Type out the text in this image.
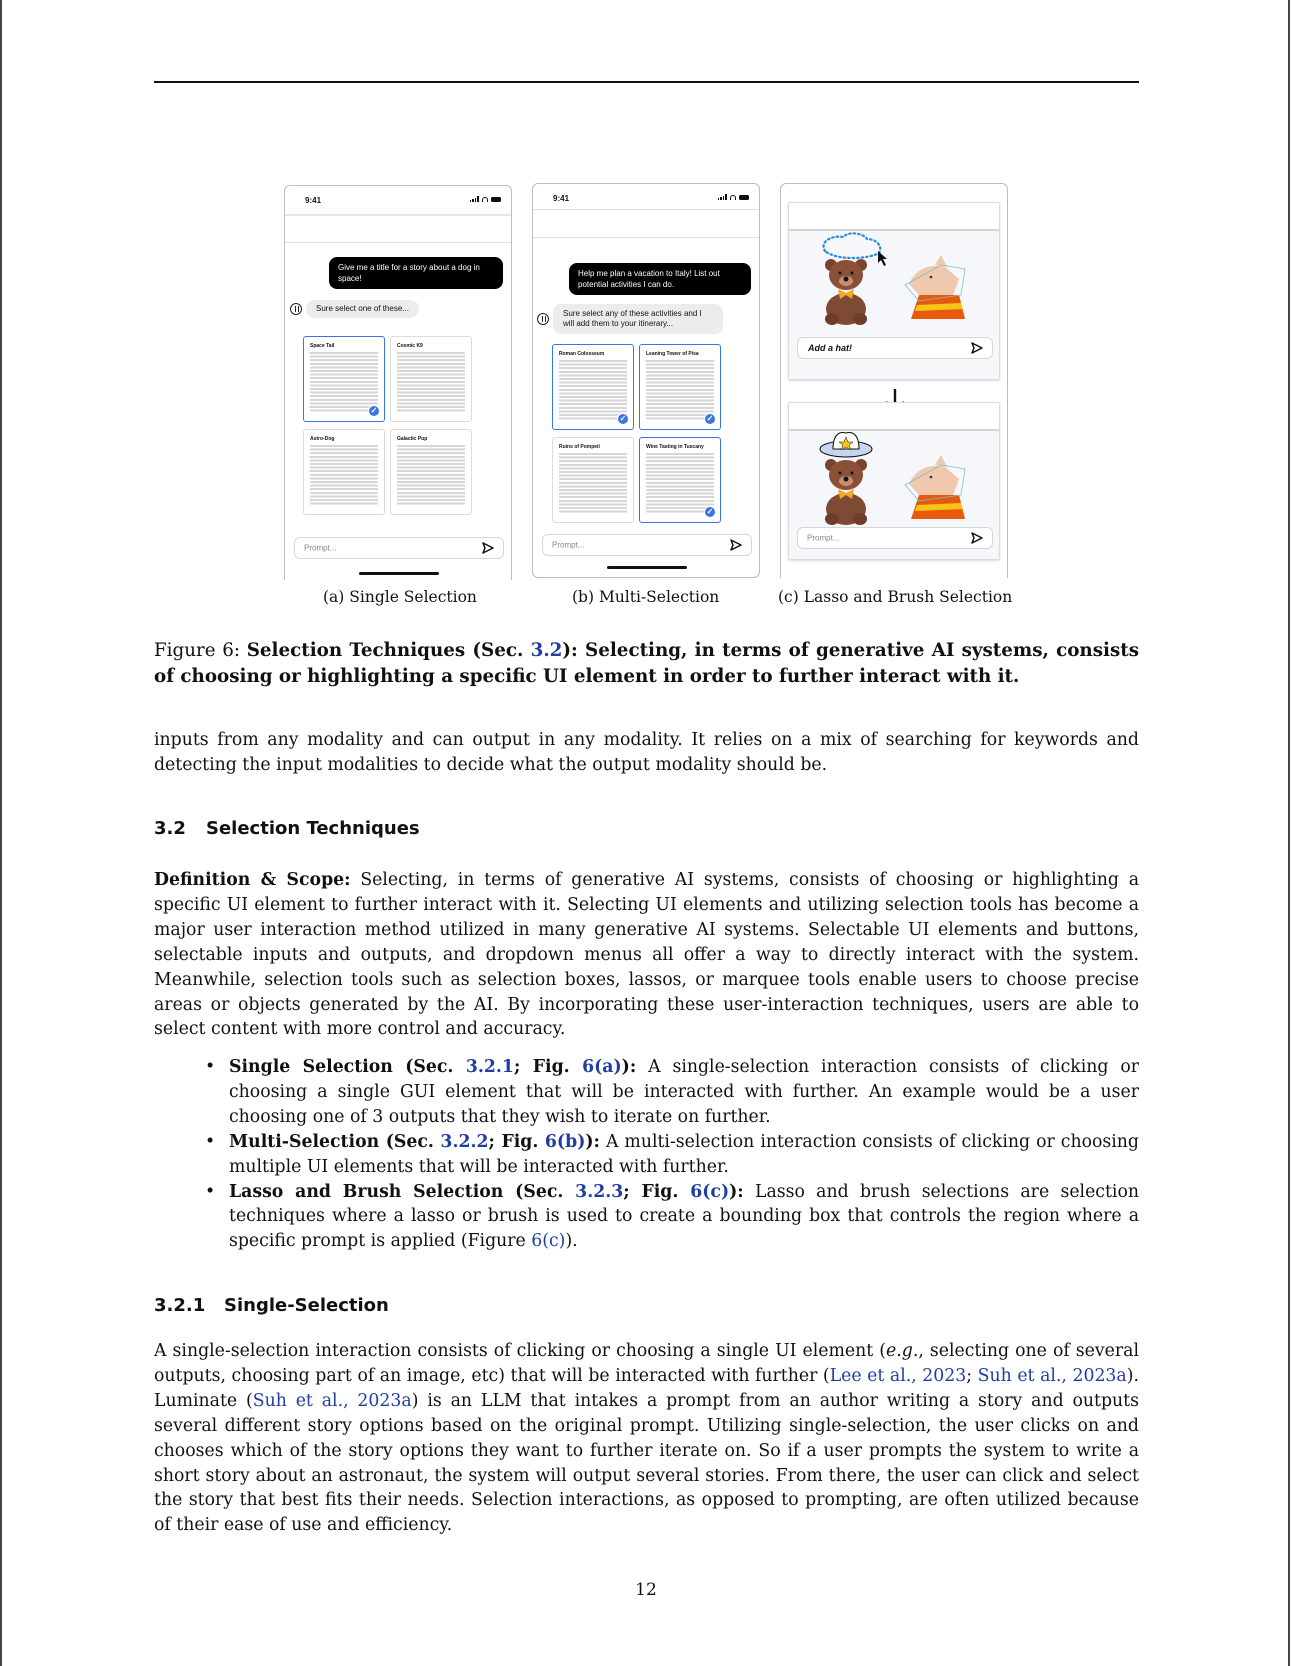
9:41
Give me a title for a story about a dog in space!
Sure select one of these...
Space Tail
✓
Cosmic K9
Astro-Dog	Galactic Pup
Prompt...
9:41
Help me plan a vacation to Italy! List out potential activities I can do.
Sure select any of these activities and I will add them to your itinerary...
Roman Colosseum
✓
Leaning Tower of Pisa
✓
Ruins of Pompeii	Wine Tasting in Tuscany
✓
Prompt...
Add a hat!
Prompt...
(a) Single Selection	(b) Multi-Selection	(c) Lasso and Brush Selection
Figure 6: Selection Techniques (Sec. 3.2): Selecting, in terms of generative AI systems, consists of choosing or highlighting a specific UI element in order to further interact with it.

inputs from any modality and can output in any modality. It relies on a mix of searching for keywords and detecting the input modalities to decide what the output modality should be.

3.2 Selection Techniques

Definition & Scope: Selecting, in terms of generative AI systems, consists of choosing or highlighting a specific UI element to further interact with it. Selecting UI elements and utilizing selection tools has become a major user interaction method utilized in many generative AI systems. Selectable UI elements and buttons, selectable inputs and outputs, and dropdown menus all offer a way to directly interact with the system. Meanwhile, selection tools such as selection boxes, lassos, or marquee tools enable users to choose precise areas or objects generated by the AI. By incorporating these user-interaction techniques, users are able to select content with more control and accuracy.

• Single Selection (Sec. 3.2.1; Fig. 6(a)): A single-selection interaction consists of clicking or choosing a single GUI element that will be interacted with further. An example would be a user choosing one of 3 outputs that they wish to iterate on further.
• Multi-Selection (Sec. 3.2.2; Fig. 6(b)): A multi-selection interaction consists of clicking or choosing multiple UI elements that will be interacted with further.
• Lasso and Brush Selection (Sec. 3.2.3; Fig. 6(c)): Lasso and brush selections are selection techniques where a lasso or brush is used to create a bounding box that controls the region where a specific prompt is applied (Figure 6(c)).
3.2.1 Single-Selection

A single-selection interaction consists of clicking or choosing a single UI element (e.g., selecting one of several outputs, choosing part of an image, etc) that will be interacted with further (Lee et al., 2023; Suh et al., 2023a). Luminate (Suh et al., 2023a) is an LLM that intakes a prompt from an author writing a story and outputs several different story options based on the original prompt. Utilizing single-selection, the user clicks on and chooses which of the story options they want to further iterate on. So if a user prompts the system to write a short story about an astronaut, the system will output several stories. From there, the user can click and select the story that best fits their needs. Selection interactions, as opposed to prompting, are often utilized because of their ease of use and efficiency.

12
